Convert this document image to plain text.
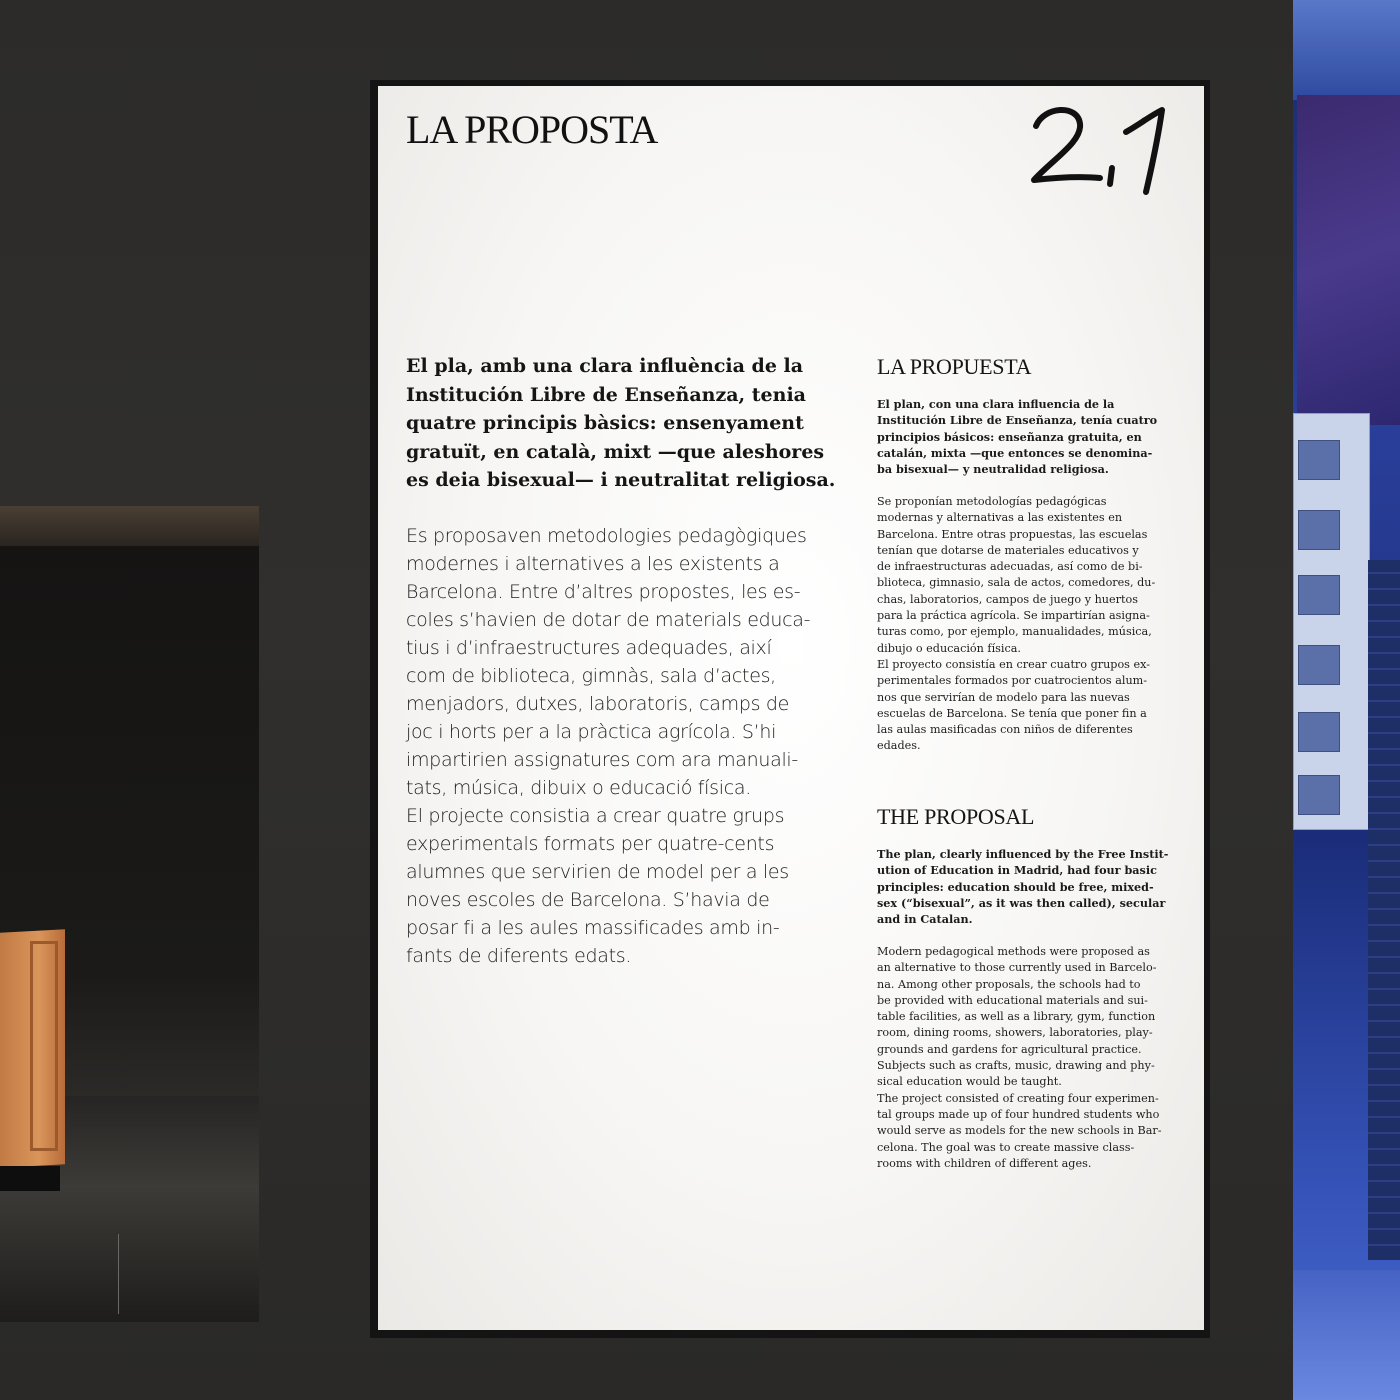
LA PROPOSTA

El pla, amb una clara influència de la
Institución Libre de Enseñanza, tenia
quatre principis bàsics: ensenyament
gratuït, en català, mixt —que aleshores
es deia bisexual— i neutralitat religiosa.

Es proposaven metodologies pedagògiques
modernes i alternatives a les existents a
Barcelona. Entre d’altres propostes, les es-
coles s’havien de dotar de materials educa-
tius i d’infraestructures adequades, així
com de biblioteca, gimnàs, sala d’actes,
menjadors, dutxes, laboratoris, camps de
joc i horts per a la pràctica agrícola. S’hi
impartirien assignatures com ara manuali-
tats, música, dibuix o educació física.
El projecte consistia a crear quatre grups
experimentals formats per quatre-cents
alumnes que servirien de model per a les
noves escoles de Barcelona. S’havia de
posar fi a les aules massificades amb in-
fants de diferents edats.

LA PROPUESTA

El plan, con una clara influencia de la
Institución Libre de Enseñanza, tenía cuatro
principios básicos: enseñanza gratuita, en
catalán, mixta —que entonces se denomina-
ba bisexual— y neutralidad religiosa.

Se proponían metodologías pedagógicas
modernas y alternativas a las existentes en
Barcelona. Entre otras propuestas, las escuelas
tenían que dotarse de materiales educativos y
de infraestructuras adecuadas, así como de bi-
blioteca, gimnasio, sala de actos, comedores, du-
chas, laboratorios, campos de juego y huertos
para la práctica agrícola. Se impartirían asigna-
turas como, por ejemplo, manualidades, música,
dibujo o educación física.
El proyecto consistía en crear cuatro grupos ex-
perimentales formados por cuatrocientos alum-
nos que servirían de modelo para las nuevas
escuelas de Barcelona. Se tenía que poner fin a
las aulas masificadas con niños de diferentes
edades.

THE PROPOSAL

The plan, clearly influenced by the Free Instit-
ution of Education in Madrid, had four basic
principles: education should be free, mixed-
sex (“bisexual”, as it was then called), secular
and in Catalan.

Modern pedagogical methods were proposed as
an alternative to those currently used in Barcelo-
na. Among other proposals, the schools had to
be provided with educational materials and sui-
table facilities, as well as a library, gym, function
room, dining rooms, showers, laboratories, play-
grounds and gardens for agricultural practice.
Subjects such as crafts, music, drawing and phy-
sical education would be taught.
The project consisted of creating four experimen-
tal groups made up of four hundred students who
would serve as models for the new schools in Bar-
celona. The goal was to create massive class-
rooms with children of different ages.
